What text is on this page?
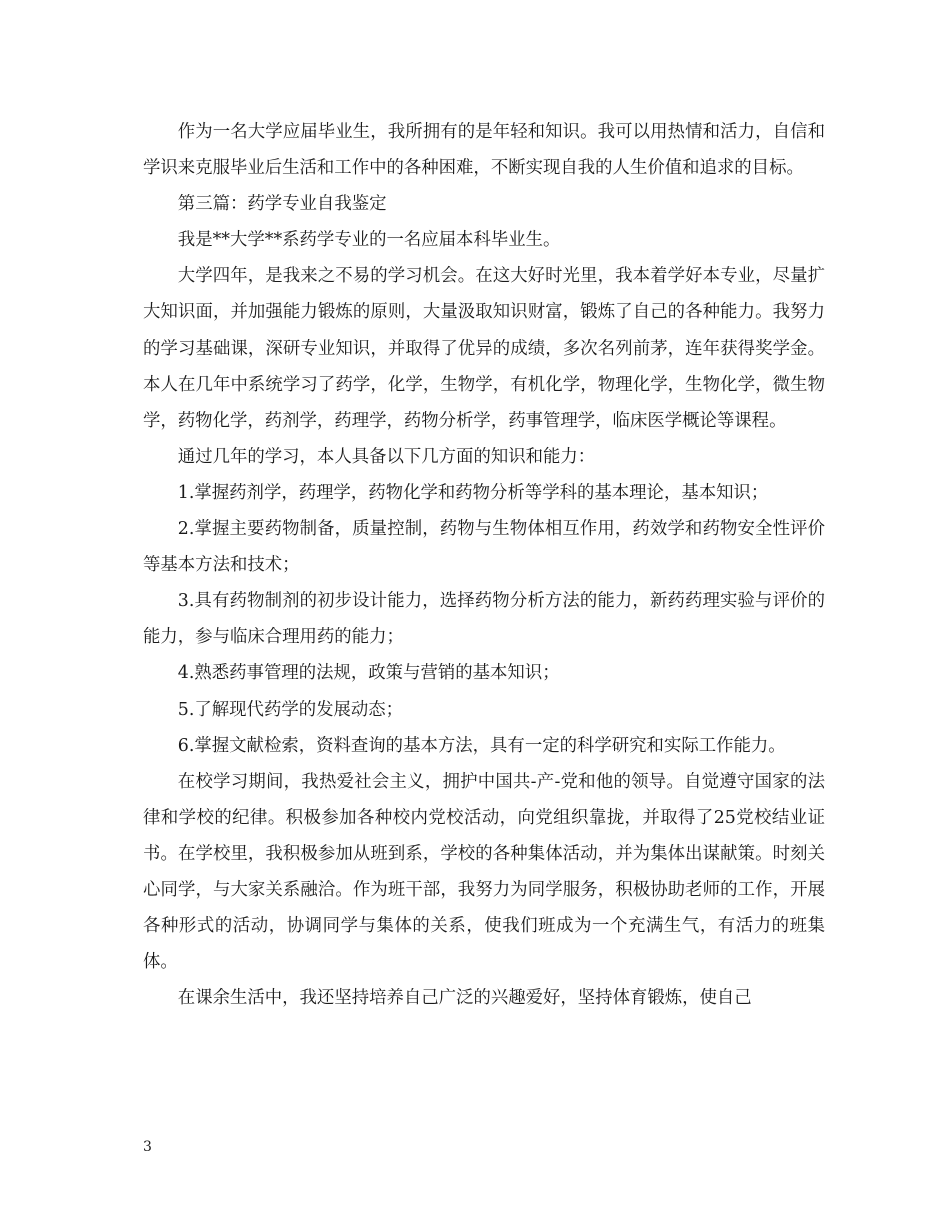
作为一名大学应届毕业生，我所拥有的是年轻和知识。我可以用热情和活力，自信和学识来克服毕业后生活和工作中的各种困难，不断实现自我的人生价值和追求的目标。

第三篇：药学专业自我鉴定

我是**大学**系药学专业的一名应届本科毕业生。

大学四年，是我来之不易的学习机会。在这大好时光里，我本着学好本专业，尽量扩大知识面，并加强能力锻炼的原则，大量汲取知识财富，锻炼了自己的各种能力。我努力的学习基础课，深研专业知识，并取得了优异的成绩，多次名列前茅，连年获得奖学金。本人在几年中系统学习了药学，化学，生物学，有机化学，物理化学，生物化学，微生物学，药物化学，药剂学，药理学，药物分析学，药事管理学，临床医学概论等课程。

通过几年的学习，本人具备以下几方面的知识和能力：

1.掌握药剂学，药理学，药物化学和药物分析等学科的基本理论，基本知识；

2.掌握主要药物制备，质量控制，药物与生物体相互作用，药效学和药物安全性评价等基本方法和技术；

3.具有药物制剂的初步设计能力，选择药物分析方法的能力，新药药理实验与评价的能力，参与临床合理用药的能力；

4.熟悉药事管理的法规，政策与营销的基本知识；

5.了解现代药学的发展动态；

6.掌握文献检索，资料查询的基本方法，具有一定的科学研究和实际工作能力。

在校学习期间，我热爱社会主义，拥护中国共-产-党和他的领导。自觉遵守国家的法律和学校的纪律。积极参加各种校内党校活动，向党组织靠拢，并取得了25党校结业证书。在学校里，我积极参加从班到系，学校的各种集体活动，并为集体出谋献策。时刻关心同学，与大家关系融洽。作为班干部，我努力为同学服务，积极协助老师的工作，开展各种形式的活动，协调同学与集体的关系，使我们班成为一个充满生气，有活力的班集体。

在课余生活中，我还坚持培养自己广泛的兴趣爱好，坚持体育锻炼，使自己

3
